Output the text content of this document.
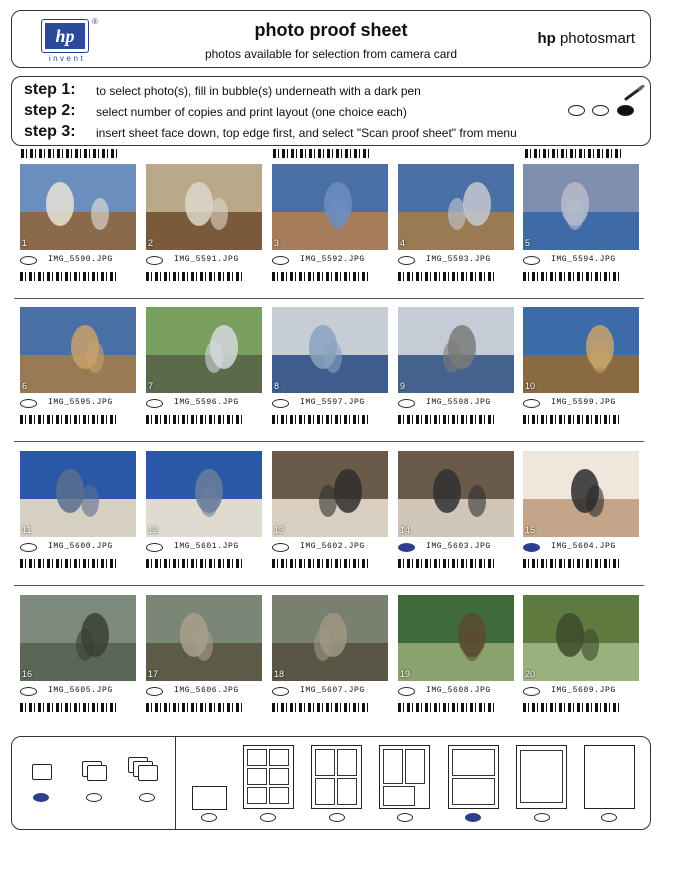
hp
®
invent
photo proof sheet
photos available for selection from camera card
hp photosmart
step 1: to select photo(s), fill in bubble(s) underneath with a dark pen
step 2: select number of copies and print layout (one choice each)
step 3: insert sheet face down, top edge first, and select "Scan proof sheet" from menu
1
IMG_5590.JPG
2
IMG_5591.JPG
3
IMG_5592.JPG
4
IMG_5593.JPG
5
IMG_5594.JPG
6
IMG_5595.JPG
7
IMG_5596.JPG
8
IMG_5597.JPG
9
IMG_5598.JPG
10
IMG_5599.JPG
11
IMG_5600.JPG
12
IMG_5601.JPG
13
IMG_5602.JPG
14
IMG_5603.JPG
15
IMG_5604.JPG
16
IMG_5605.JPG
17
IMG_5606.JPG
18
IMG_5607.JPG
19
IMG_5608.JPG
20
IMG_5609.JPG
